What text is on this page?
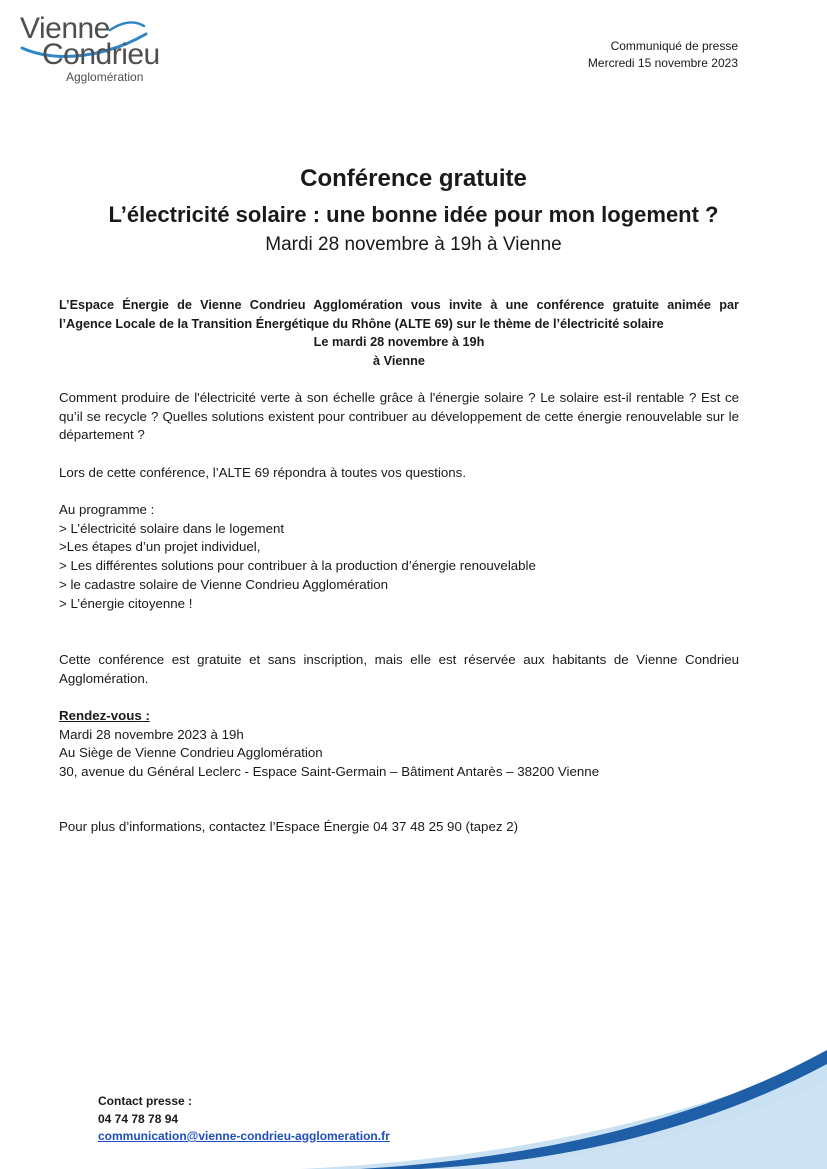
Vienne
Condrieu
Agglomération
Communiqué de presse
Mercredi 15 novembre 2023
Conférence gratuite
L’électricité solaire : une bonne idée pour mon logement ?
Mardi 28 novembre à 19h à Vienne
L’Espace Énergie de Vienne Condrieu Agglomération vous invite à une conférence gratuite animée par
l’Agence Locale de la Transition Énergétique du Rhône (ALTE 69) sur le thème de l’électricité solaire
Le mardi 28 novembre à 19h
à Vienne
Comment produire de l'électricité verte à son échelle grâce à l'énergie solaire ? Le solaire est-il rentable ? Est ce qu’il se recycle ? Quelles solutions existent pour contribuer au développement de cette énergie renouvelable sur le département ?
Lors de cette conférence, l’ALTE 69 répondra à toutes vos questions.
Au programme :
> L’électricité solaire dans le logement
>Les étapes d’un projet individuel,
> Les différentes solutions pour contribuer à la production d’énergie renouvelable
> le cadastre solaire de Vienne Condrieu Agglomération
> L’énergie citoyenne !
Cette conférence est gratuite et sans inscription, mais elle est réservée aux habitants de Vienne Condrieu Agglomération.
Rendez-vous :
Mardi 28 novembre 2023 à 19h
Au Siège de Vienne Condrieu Agglomération
30, avenue du Général Leclerc - Espace Saint-Germain – Bâtiment Antarès – 38200 Vienne
Pour plus d’informations, contactez l’Espace Énergie 04 37 48 25 90 (tapez 2)
Contact presse :
04 74 78 78 94
communication@vienne-condrieu-agglomeration.fr
